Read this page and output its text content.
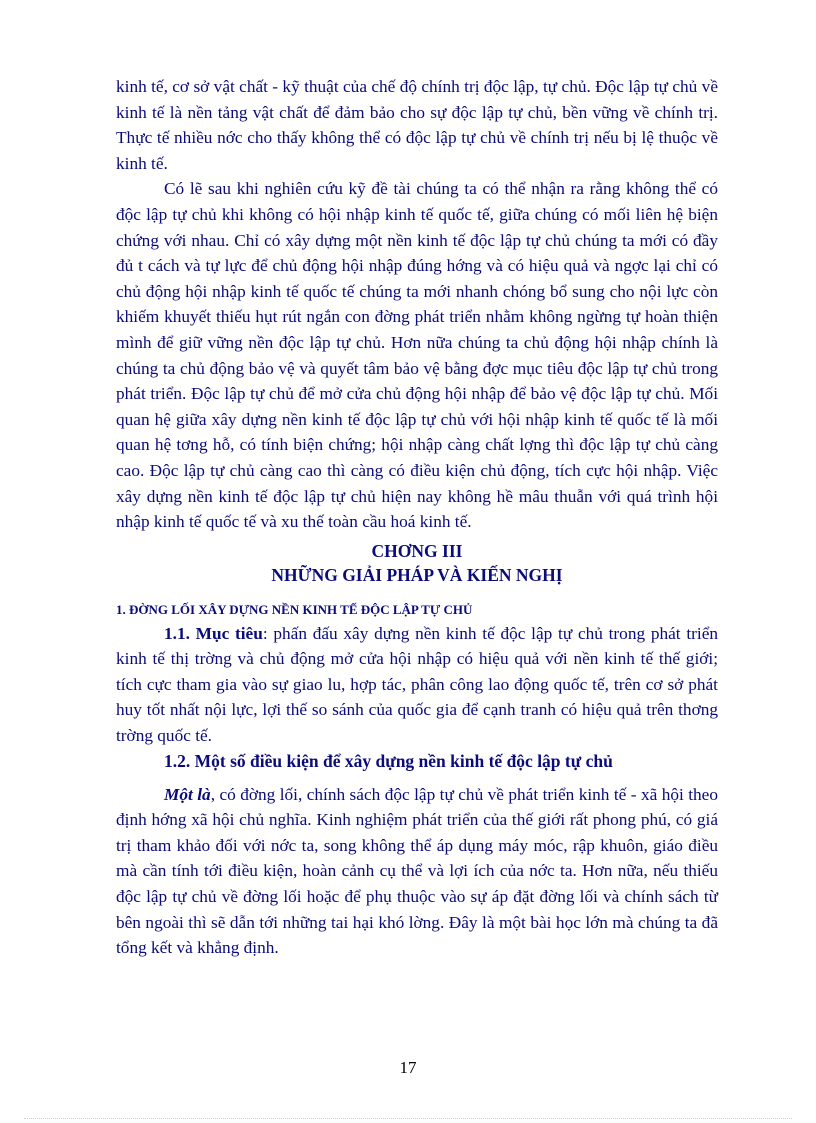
kinh tế, cơ sở vật chất - kỹ thuật của chế độ chính trị độc lập, tự chủ. Độc lập tự chủ về kinh tế là nền tảng vật chất để đảm bảo cho sự độc lập tự chủ, bền vững về chính trị. Thực tế nhiều nớc cho thấy không thể có độc lập tự chủ về chính trị nếu bị lệ thuộc về kinh tế.

Có lẽ sau khi nghiên cứu kỹ đề tài chúng ta có thể nhận ra rằng không thể có độc lập tự chủ khi không có hội nhập kinh tế quốc tế, giữa chúng có mối liên hệ biện chứng với nhau. Chỉ có xây dựng một nền kinh tế độc lập tự chủ chúng ta mới có đầy đủ t cách và tự lực để chủ động hội nhập đúng hớng và có hiệu quả và ngợc lại chỉ có chủ động hội nhập kinh tế quốc tế chúng ta mới nhanh chóng bổ sung cho nội lực còn khiếm khuyết thiếu hụt rút ngắn con đờng phát triển nhằm không ngừng tự hoàn thiện mình để giữ vững nền độc lập tự chủ. Hơn nữa chúng ta chủ động hội nhập chính là chúng ta chủ động bảo vệ và quyết tâm bảo vệ bằng đợc mục tiêu độc lập tự chủ trong phát triển. Độc lập tự chủ để mở cửa chủ động hội nhập để bảo vệ độc lập tự chủ. Mối quan hệ giữa xây dựng nền kinh tế độc lập tự chủ với hội nhập kinh tế quốc tế là mối quan hệ tơng hỗ, có tính biện chứng; hội nhập càng chất lợng thì độc lập tự chủ càng cao. Độc lập tự chủ càng cao thì càng có điều kiện chủ động, tích cực hội nhập. Việc xây dựng nền kinh tế độc lập tự chủ hiện nay không hề mâu thuẫn với quá trình hội nhập kinh tế quốc tế và xu thế toàn cầu hoá kinh tế.

CHƠNG III

NHỮNG GIẢI PHÁP VÀ KIẾN NGHỊ

1. ĐỜNG LỐI XÂY DỰNG NỀN KINH TẾ ĐỘC LẬP TỰ CHỦ

1.1. Mục tiêu: phấn đấu xây dựng nền kinh tế độc lập tự chủ trong phát triển kinh tế thị trờng và chủ động mở cửa hội nhập có hiệu quả với nền kinh tế thế giới; tích cực tham gia vào sự giao lu, hợp tác, phân công lao động quốc tế, trên cơ sở phát huy tốt nhất nội lực, lợi thế so sánh của quốc gia để cạnh tranh có hiệu quả trên thơng trờng quốc tế.

1.2. Một số điều kiện để xây dựng nền kinh tế độc lập tự chủ

Một là, có đờng lối, chính sách độc lập tự chủ về phát triển kinh tế - xã hội theo định hớng xã hội chủ nghĩa. Kinh nghiệm phát triển của thế giới rất phong phú, có giá trị tham khảo đối với nớc ta, song không thể áp dụng máy móc, rập khuôn, giáo điều mà cần tính tới điều kiện, hoàn cảnh cụ thể và lợi ích của nớc ta. Hơn nữa, nếu thiếu độc lập tự chủ về đờng lối hoặc để phụ thuộc vào sự áp đặt đờng lối và chính sách từ bên ngoài thì sẽ dẫn tới những tai hại khó lờng. Đây là một bài học lớn mà chúng ta đã tổng kết và khẳng định.

17
